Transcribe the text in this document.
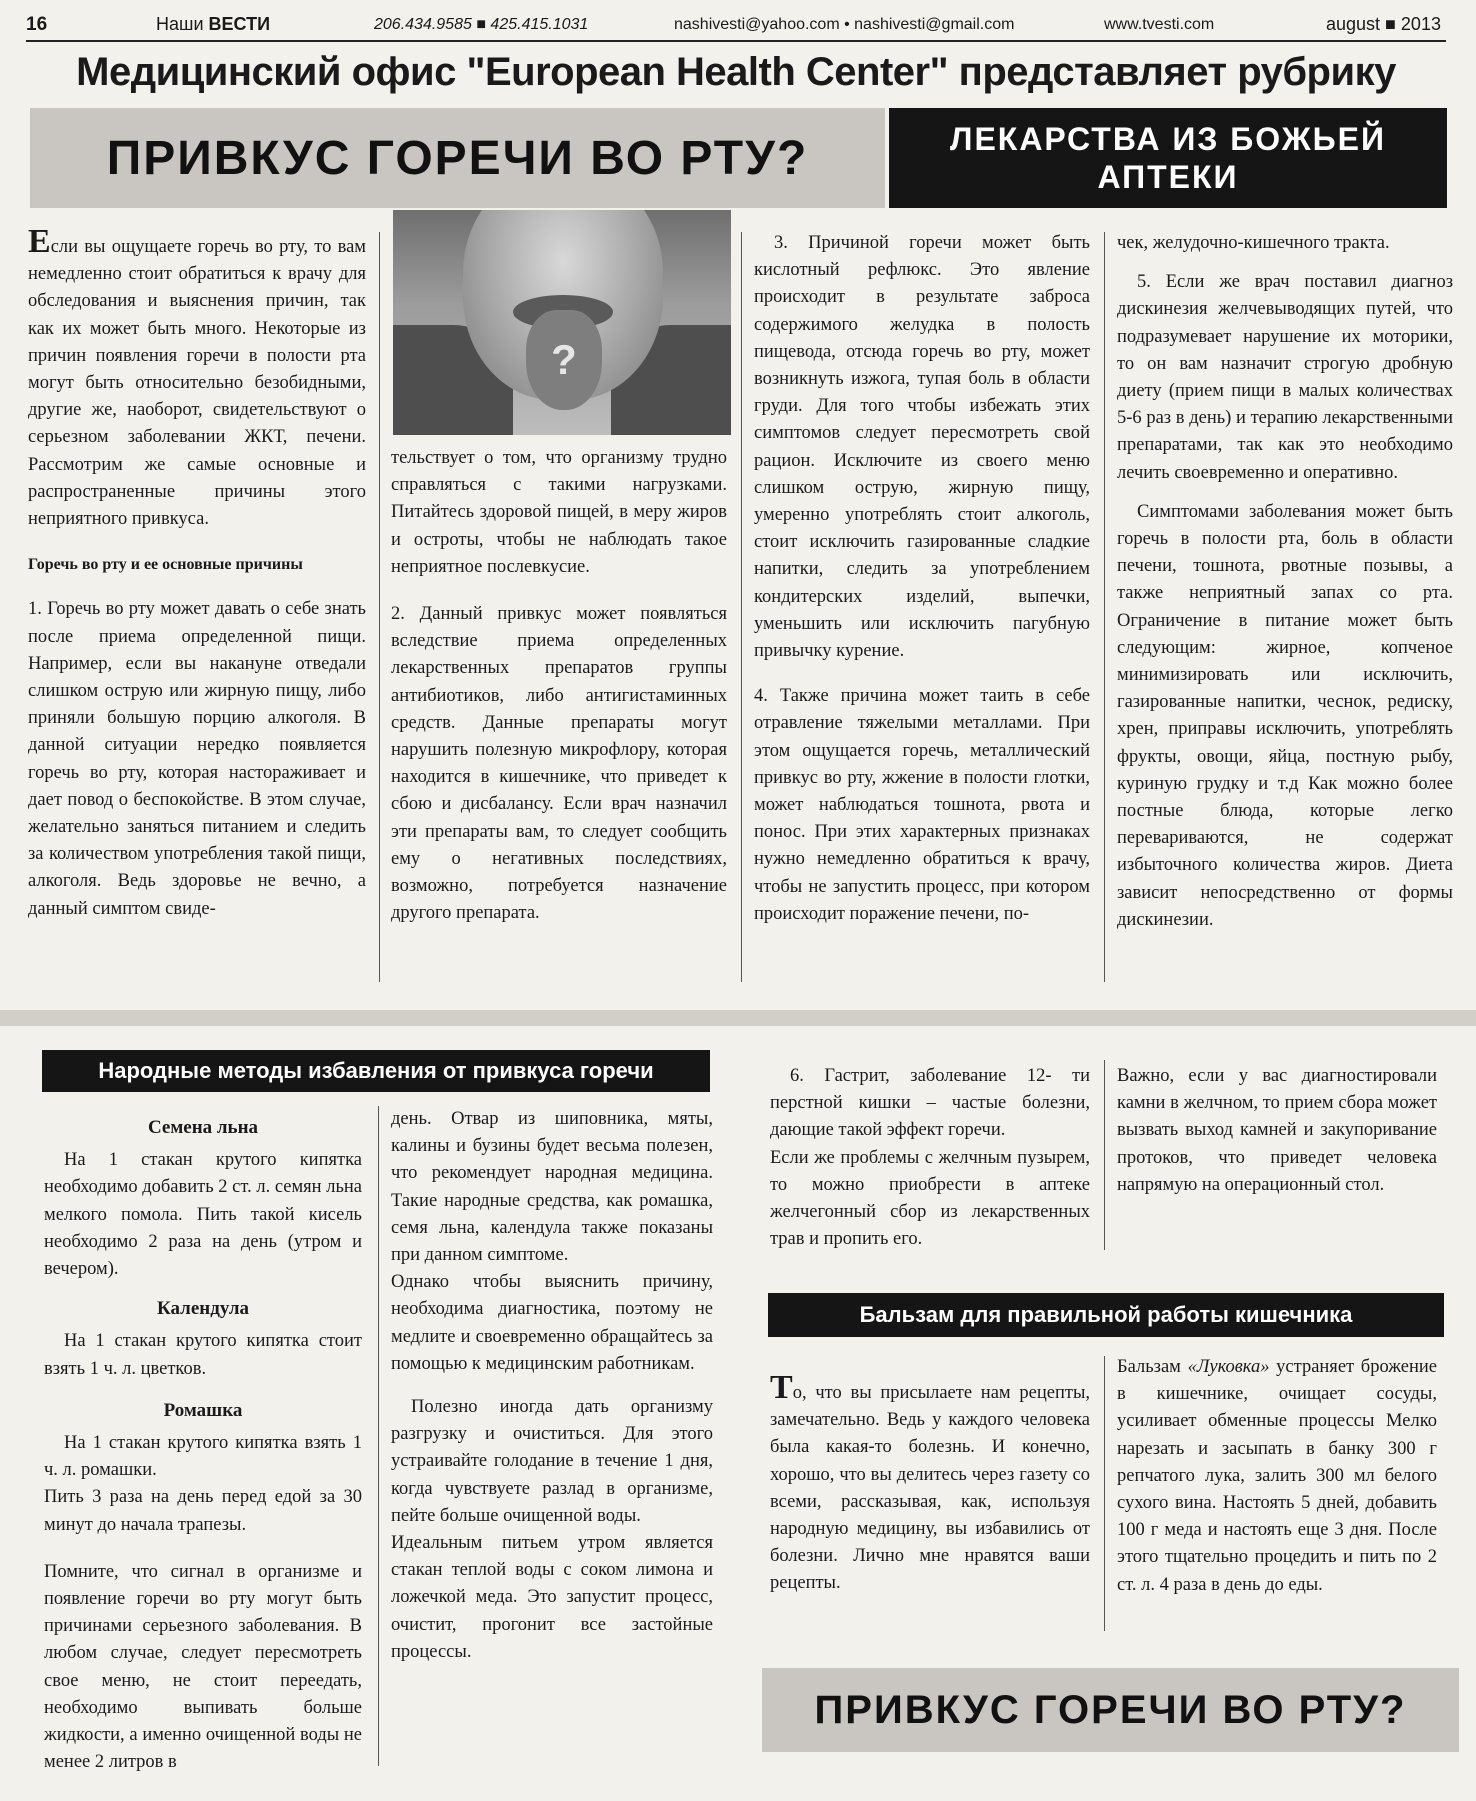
16	Наши ВЕСТИ	206.434.9585 ■ 425.415.1031	nashivesti@yahoo.com • nashivesti@gmail.com	www.tvesti.com	august ■ 2013
Медицинский офис "European Health Center" представляет рубрику
ПРИВКУС ГОРЕЧИ ВО РТУ?	ЛЕКАРСТВА ИЗ БОЖЬЕЙ
АПТЕКИ
?

Если вы ощущаете горечь во рту, то вам немедленно стоит обратиться к врачу для обследования и выяснения причин, так как их может быть много. Некоторые из причин появления горечи в полости рта могут быть относительно безобидными, другие же, наоборот, свидетельствуют о серьезном заболевании ЖКТ, печени. Рассмотрим же самые основные и распространенные причины этого неприятного привкуса.

Горечь во рту и ее основные причины

1. Горечь во рту может давать о себе знать после приема определенной пищи. Например, если вы накануне отведали слишком острую или жирную пищу, либо приняли большую порцию алкоголя. В данной ситуации нередко появляется горечь во рту, которая настораживает и дает повод о беспокойстве. В этом случае, желательно заняться питанием и следить за количеством употребления такой пищи, алкоголя. Ведь здоровье не вечно, а данный симптом свиде-

тельствует о том, что организму трудно справляться с такими нагрузками. Питайтесь здоровой пищей, в меру жиров и остроты, чтобы не наблюдать такое неприятное послевкусие.

2. Данный привкус может появляться вследствие приема определенных лекарственных препаратов группы антибиотиков, либо антигистаминных средств. Данные препараты могут нарушить полезную микрофлору, которая находится в кишечнике, что приведет к сбою и дисбалансу. Если врач назначил эти препараты вам, то следует сообщить ему о негативных последствиях, возможно, потребуется назначение другого препарата.

3. Причиной горечи может быть кислотный рефлюкс. Это явление происходит в результате заброса содержимого желудка в полость пищевода, отсюда горечь во рту, может возникнуть изжога, тупая боль в области груди. Для того чтобы избежать этих симптомов следует пересмотреть свой рацион. Исключите из своего меню слишком острую, жирную пищу, умеренно употреблять стоит алкоголь, стоит исключить газированные сладкие напитки, следить за употреблением кондитерских изделий, выпечки, уменьшить или исключить пагубную привычку курение.

4. Также причина может таить в себе отравление тяжелыми металлами. При этом ощущается горечь, металлический привкус во рту, жжение в полости глотки, может наблюдаться тошнота, рвота и понос. При этих характерных признаках нужно немедленно обратиться к врачу, чтобы не запустить процесс, при котором происходит поражение печени, по-

чек, желудочно-кишечного тракта.

5. Если же врач поставил диагноз дискинезия желчевыводящих путей, что подразумевает нарушение их моторики, то он вам назначит строгую дробную диету (прием пищи в малых количествах 5-6 раз в день) и терапию лекарственными препаратами, так как это необходимо лечить своевременно и оперативно.

Симптомами заболевания может быть горечь в полости рта, боль в области печени, тошнота, рвотные позывы, а также неприятный запах со рта. Ограничение в питание может быть следующим: жирное, копченое минимизировать или исключить, газированные напитки, чеснок, редиску, хрен, приправы исключить, употреблять фрукты, овощи, яйца, постную рыбу, куриную грудку и т.д Как можно более постные блюда, которые легко перевариваются, не содержат избыточного количества жиров. Диета зависит непосредственно от формы дискинезии.

Народные методы избавления от привкуса горечи
Семена льна

На 1 стакан крутого кипятка необходимо добавить 2 ст. л. семян льна мелкого помола. Пить такой кисель необходимо 2 раза на день (утром и вечером).

Календула

На 1 стакан крутого кипятка стоит взять 1 ч. л. цветков.

Ромашка

На 1 стакан крутого кипятка взять 1 ч. л. ромашки.

Пить 3 раза на день перед едой за 30 минут до начала трапезы.

Помните, что сигнал в организме и появление горечи во рту могут быть причинами серьезного заболевания. В любом случае, следует пересмотреть свое меню, не стоит переедать, необходимо выпивать больше жидкости, а именно очищенной воды не менее 2 литров в

день. Отвар из шиповника, мяты, калины и бузины будет весьма полезен, что рекомендует народная медицина. Такие народные средства, как ромашка, семя льна, календула также показаны при данном симптоме.

Однако чтобы выяснить причину, необходима диагностика, поэтому не медлите и своевременно обращайтесь за помощью к медицинским работникам.

Полезно иногда дать организму разгрузку и очиститься. Для этого устраивайте голодание в течение 1 дня, когда чувствуете разлад в организме, пейте больше очищенной воды.

Идеальным питьем утром является стакан теплой воды с соком лимона и ложечкой меда. Это запустит процесс, очистит, прогонит все застойные процессы.

6. Гастрит, заболевание 12- ти перстной кишки – частые болезни, дающие такой эффект горечи.

Если же проблемы с желчным пузырем, то можно приобрести в аптеке желчегонный сбор из лекарственных трав и пропить его.

Важно, если у вас диагностировали камни в желчном, то прием сбора может вызвать выход камней и закупоривание протоков, что приведет человека напрямую на операционный стол.

Бальзам для правильной работы кишечника

То, что вы присылаете нам рецепты, замечательно. Ведь у каждого человека была какая-то болезнь. И конечно, хорошо, что вы делитесь через газету со всеми, рассказывая, как, используя народную медицину, вы избавились от болезни. Лично мне нравятся ваши рецепты.

Бальзам «Луковка» устраняет брожение в кишечнике, очищает сосуды, усиливает обменные процессы Мелко нарезать и засыпать в банку 300 г репчатого лука, залить 300 мл белого сухого вина. Настоять 5 дней, добавить 100 г меда и настоять еще 3 дня. После этого тщательно процедить и пить по 2 ст. л. 4 раза в день до еды.

ПРИВКУС ГОРЕЧИ ВО РТУ?
